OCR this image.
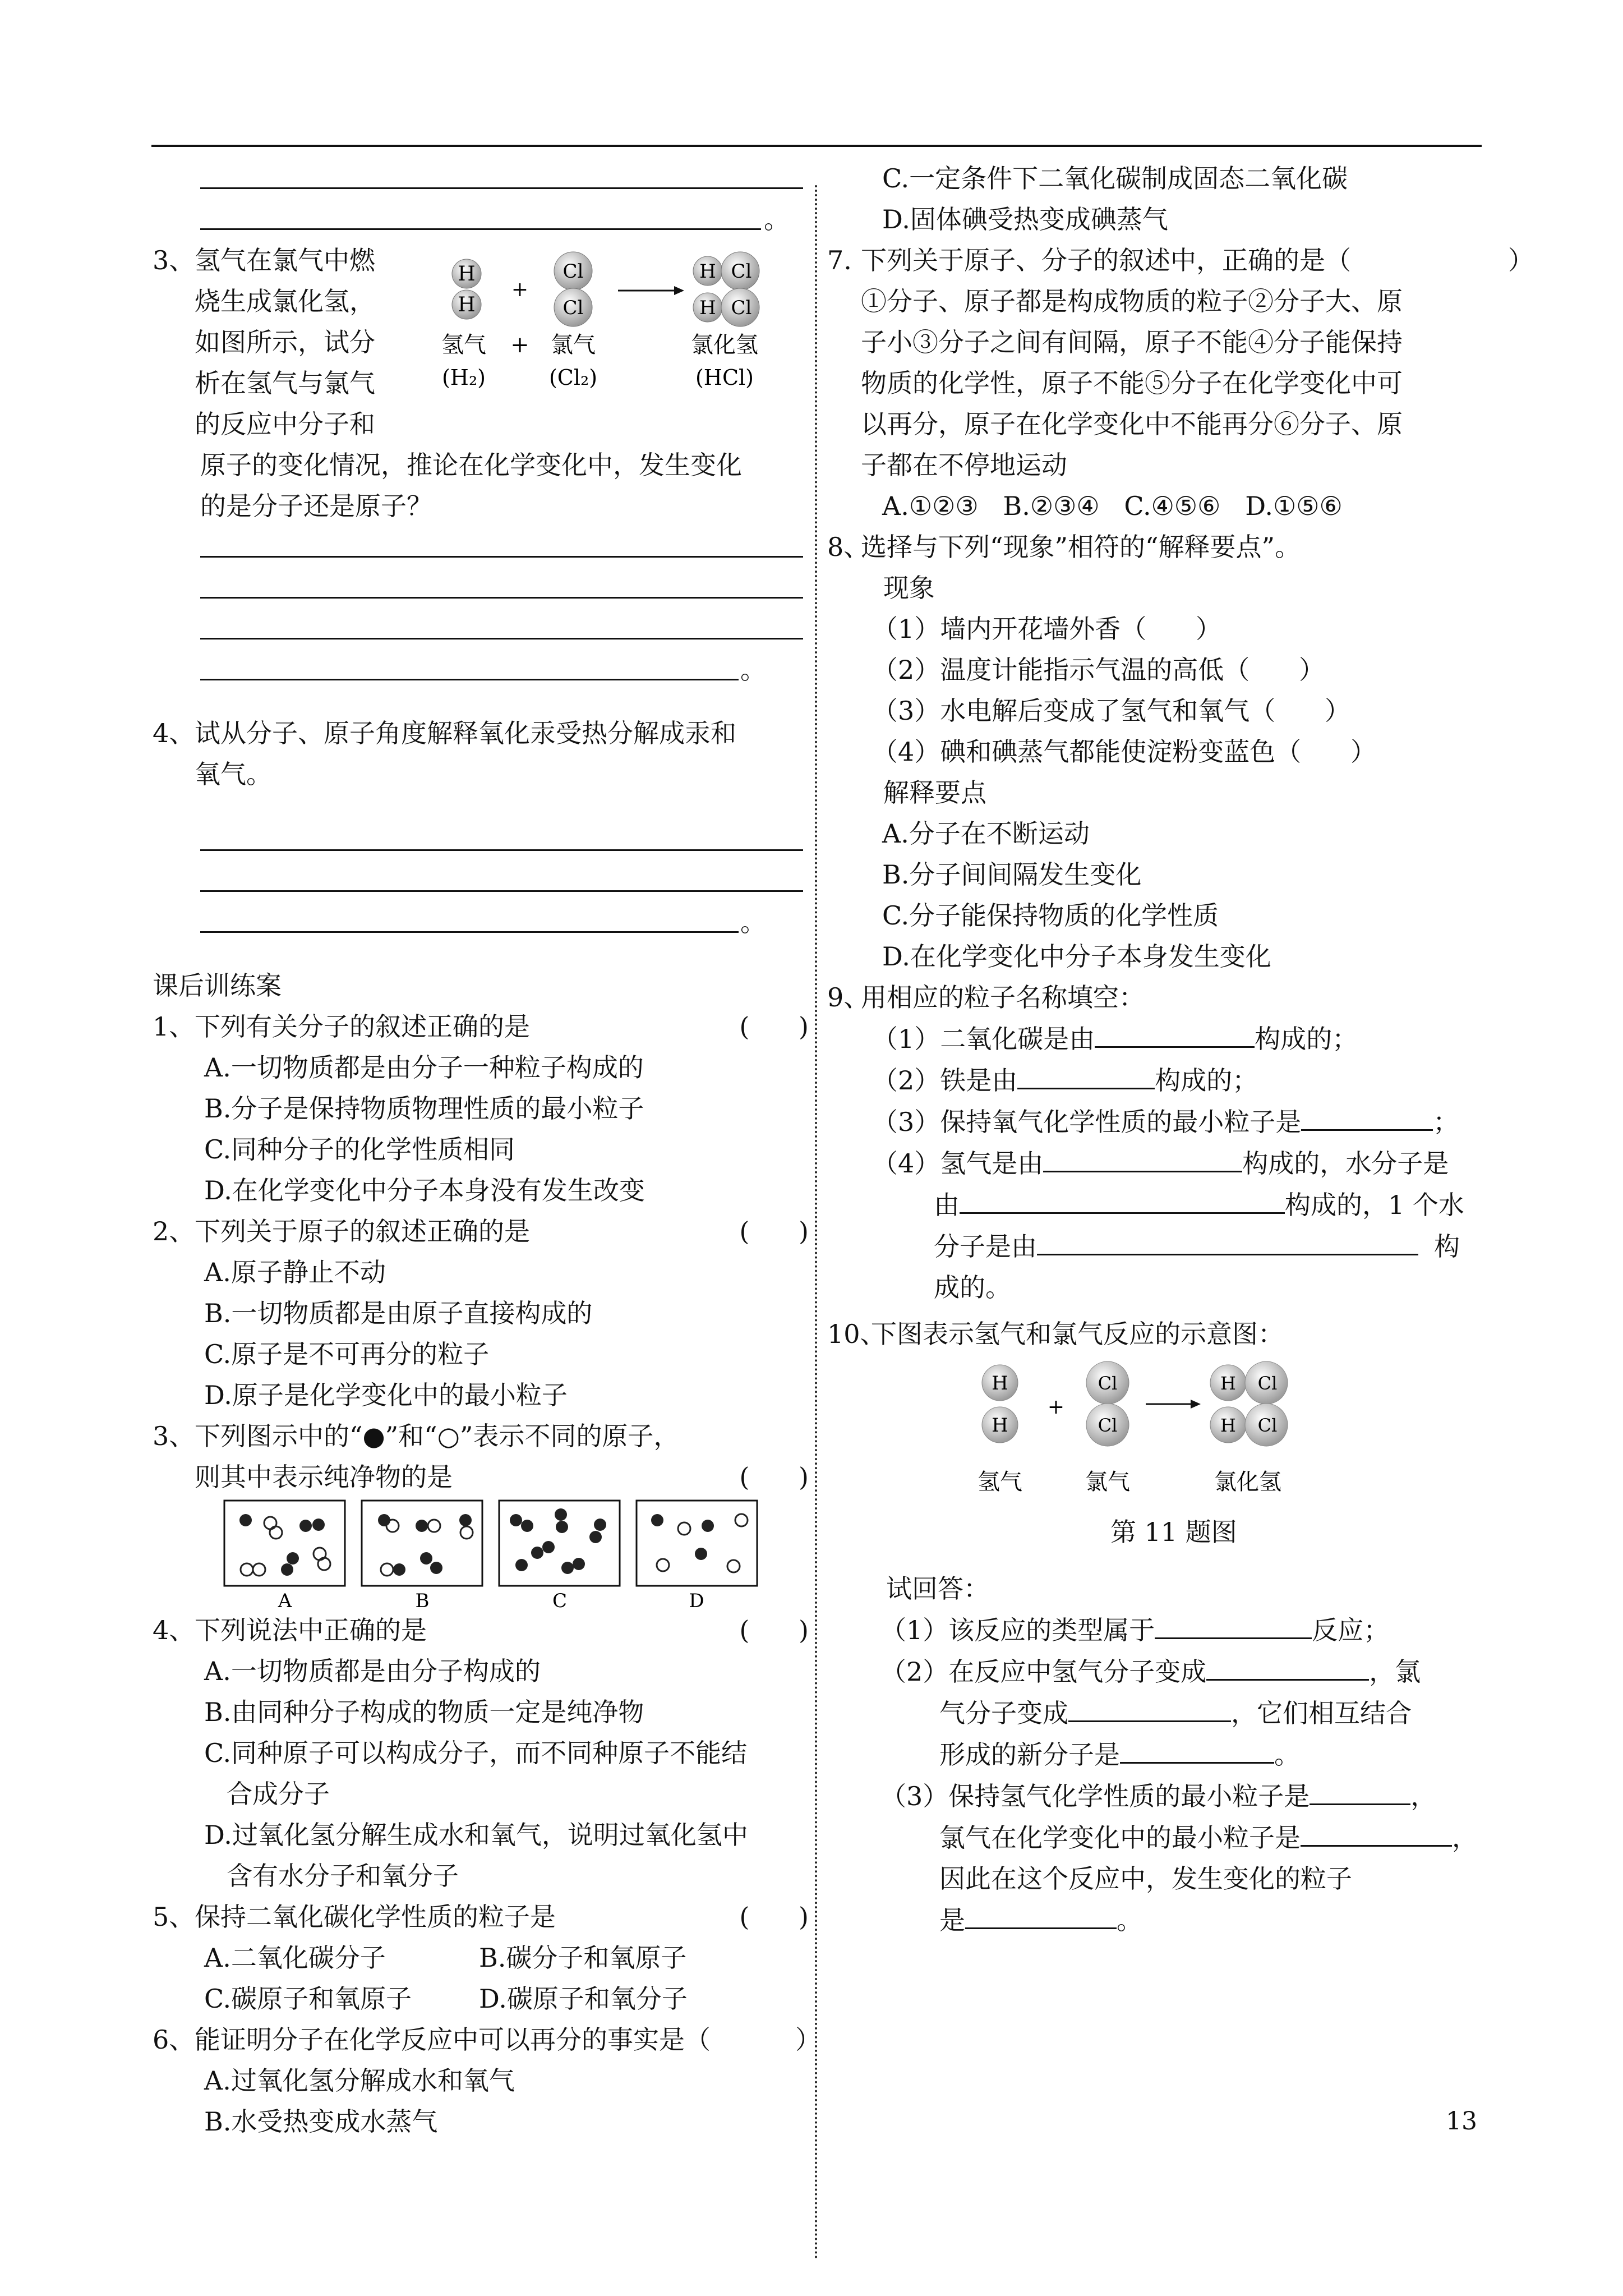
。
3、 氢气在氯气中燃
烧生成氯化氢，
如图所示，试分
析在氢气与氯气
的反应中分子和
H
H
+
Cl
Cl
H Cl
H Cl
氢气 + 氯气	氯化氢
(H₂)	(Cl₂)	(HCl)
原子的变化情况，推论在化学变化中，发生变化
的是分子还是原子？
。
4、 试从分子、原子角度解释氧化汞受热分解成汞和
氧气。
。
课后训练案
1、 下列有关分子的叙述正确的是	(      )
A.一切物质都是由分子一种粒子构成的
B.分子是保持物质物理性质的最小粒子
C.同种分子的化学性质相同
D.在化学变化中分子本身没有发生改变
2、 下列关于原子的叙述正确的是	(      )
A.原子静止不动
B.一切物质都是由原子直接构成的
C.原子是不可再分的粒子
D.原子是化学变化中的最小粒子
3、 下列图示中的“●”和“○”表示不同的原子，
则其中表示纯净物的是	(      )
A	B	C	D
4、 下列说法中正确的是	(      )
A.一切物质都是由分子构成的
B.由同种分子构成的物质一定是纯净物
C.同种原子可以构成分子，而不同种原子不能结
合成分子
D.过氧化氢分解生成水和氧气，说明过氧化氢中
含有水分子和氧分子
5、 保持二氧化碳化学性质的粒子是	(      )
A.二氧化碳分子	B.碳分子和氧原子
C.碳原子和氧原子	D.碳原子和氧分子
6、 能证明分子在化学反应中可以再分的事实是（	）
A.过氧化氢分解成水和氧气
B.水受热变成水蒸气
C.一定条件下二氧化碳制成固态二氧化碳
D.固体碘受热变成碘蒸气
7. 下列关于原子、分子的叙述中，正确的是（	）
①分子、原子都是构成物质的粒子②分子大、原
子小③分子之间有间隔，原子不能④分子能保持
物质的化学性，原子不能⑤分子在化学变化中可
以再分，原子在化学变化中不能再分⑥分子、原
子都在不停地运动
A.①②③   B.②③④   C.④⑤⑥   D.①⑤⑥
8、
选择与下列“现象”相符的“解释要点”。
现象
（1）墙内开花墙外香（      ）
（2）温度计能指示气温的高低（      ）
（3）水电解后变成了氢气和氧气（      ）
（4）碘和碘蒸气都能使淀粉变蓝色（      ）
解释要点
A.分子在不断运动
B.分子间间隔发生变化
C.分子能保持物质的化学性质
D.在化学变化中分子本身发生变化
9、
用相应的粒子名称填空：
（1）二氧化碳是由	构成的；
（2）铁是由	构成的；
（3）保持氧气化学性质的最小粒子是	；
（4）氢气是由	构成的，水分子是
由	构成的，1 个水
分子是由	构
成的。
10、
下图表示氢气和氯气反应的示意图：
H
H
+
Cl
Cl
H Cl
H Cl
氢气	氯气	氯化氢
第 11 题图
试回答：
（1）该反应的类型属于	反应；
（2）在反应中氢气分子变成	，氯
气分子变成	，它们相互结合
形成的新分子是	。
（3）保持氢气化学性质的最小粒子是	，
氯气在化学变化中的最小粒子是	，
因此在这个反应中，发生变化的粒子
是	。
13
